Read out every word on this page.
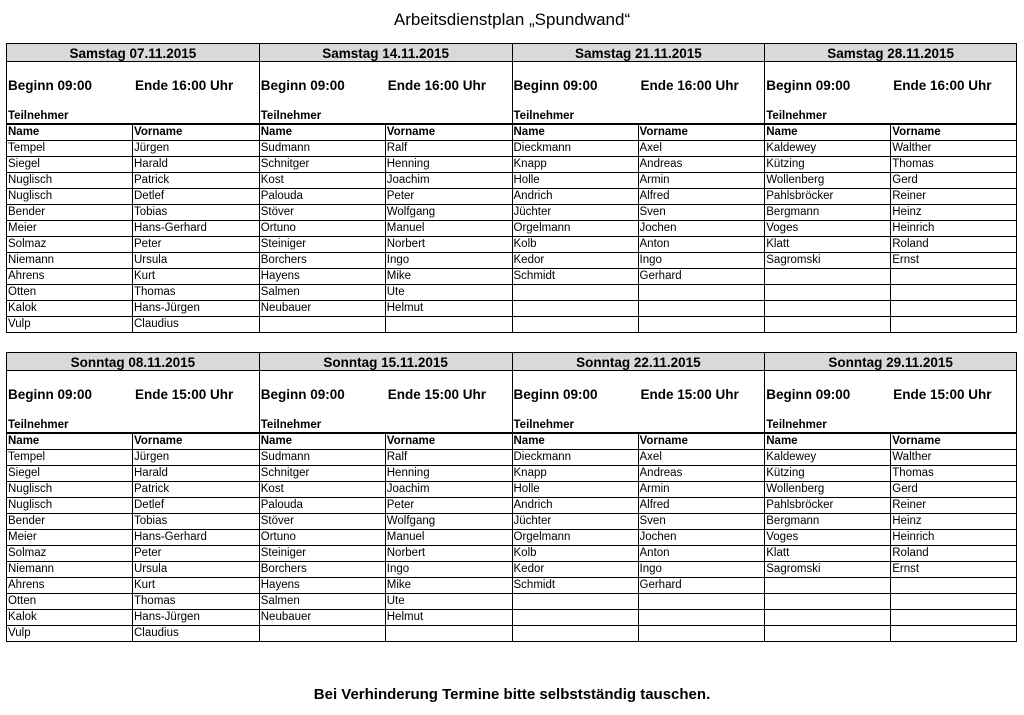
Arbeitsdienstplan „Spundwand“
Samstag 07.11.2015
Beginn 09:00	Ende 16:00 Uhr
Teilnehmer
Name	Vorname
Tempel	Jürgen
Siegel	Harald
Nuglisch	Patrick
Nuglisch	Detlef
Bender	Tobias
Meier	Hans-Gerhard
Solmaz	Peter
Niemann	Ursula
Ahrens	Kurt
Otten	Thomas
Kalok	Hans-Jürgen
Vulp	Claudius
Samstag 14.11.2015
Beginn 09:00	Ende 16:00 Uhr
Teilnehmer
Name	Vorname
Sudmann	Ralf
Schnitger	Henning
Kost	Joachim
Palouda	Peter
Stöver	Wolfgang
Ortuno	Manuel
Steiniger	Norbert
Borchers	Ingo
Hayens	Mike
Salmen	Ute
Neubauer	Helmut
Samstag 21.11.2015
Beginn 09:00	Ende 16:00 Uhr
Teilnehmer
Name	Vorname
Dieckmann	Axel
Knapp	Andreas
Holle	Armin
Andrich	Alfred
Jüchter	Sven
Orgelmann	Jochen
Kolb	Anton
Kedor	Ingo
Schmidt	Gerhard
Samstag 28.11.2015
Beginn 09:00	Ende 16:00 Uhr
Teilnehmer
Name	Vorname
Kaldewey	Walther
Kützing	Thomas
Wollenberg	Gerd
Pahlsbröcker	Reiner
Bergmann	Heinz
Voges	Heinrich
Klatt	Roland
Sagromski	Ernst
Sonntag 08.11.2015
Beginn 09:00	Ende 15:00 Uhr
Teilnehmer
Name	Vorname
Tempel	Jürgen
Siegel	Harald
Nuglisch	Patrick
Nuglisch	Detlef
Bender	Tobias
Meier	Hans-Gerhard
Solmaz	Peter
Niemann	Ursula
Ahrens	Kurt
Otten	Thomas
Kalok	Hans-Jürgen
Vulp	Claudius
Sonntag 15.11.2015
Beginn 09:00	Ende 15:00 Uhr
Teilnehmer
Name	Vorname
Sudmann	Ralf
Schnitger	Henning
Kost	Joachim
Palouda	Peter
Stöver	Wolfgang
Ortuno	Manuel
Steiniger	Norbert
Borchers	Ingo
Hayens	Mike
Salmen	Ute
Neubauer	Helmut
Sonntag 22.11.2015
Beginn 09:00	Ende 15:00 Uhr
Teilnehmer
Name	Vorname
Dieckmann	Axel
Knapp	Andreas
Holle	Armin
Andrich	Alfred
Jüchter	Sven
Orgelmann	Jochen
Kolb	Anton
Kedor	Ingo
Schmidt	Gerhard
Sonntag 29.11.2015
Beginn 09:00	Ende 15:00 Uhr
Teilnehmer
Name	Vorname
Kaldewey	Walther
Kützing	Thomas
Wollenberg	Gerd
Pahlsbröcker	Reiner
Bergmann	Heinz
Voges	Heinrich
Klatt	Roland
Sagromski	Ernst
Bei Verhinderung Termine bitte selbstständig tauschen.
